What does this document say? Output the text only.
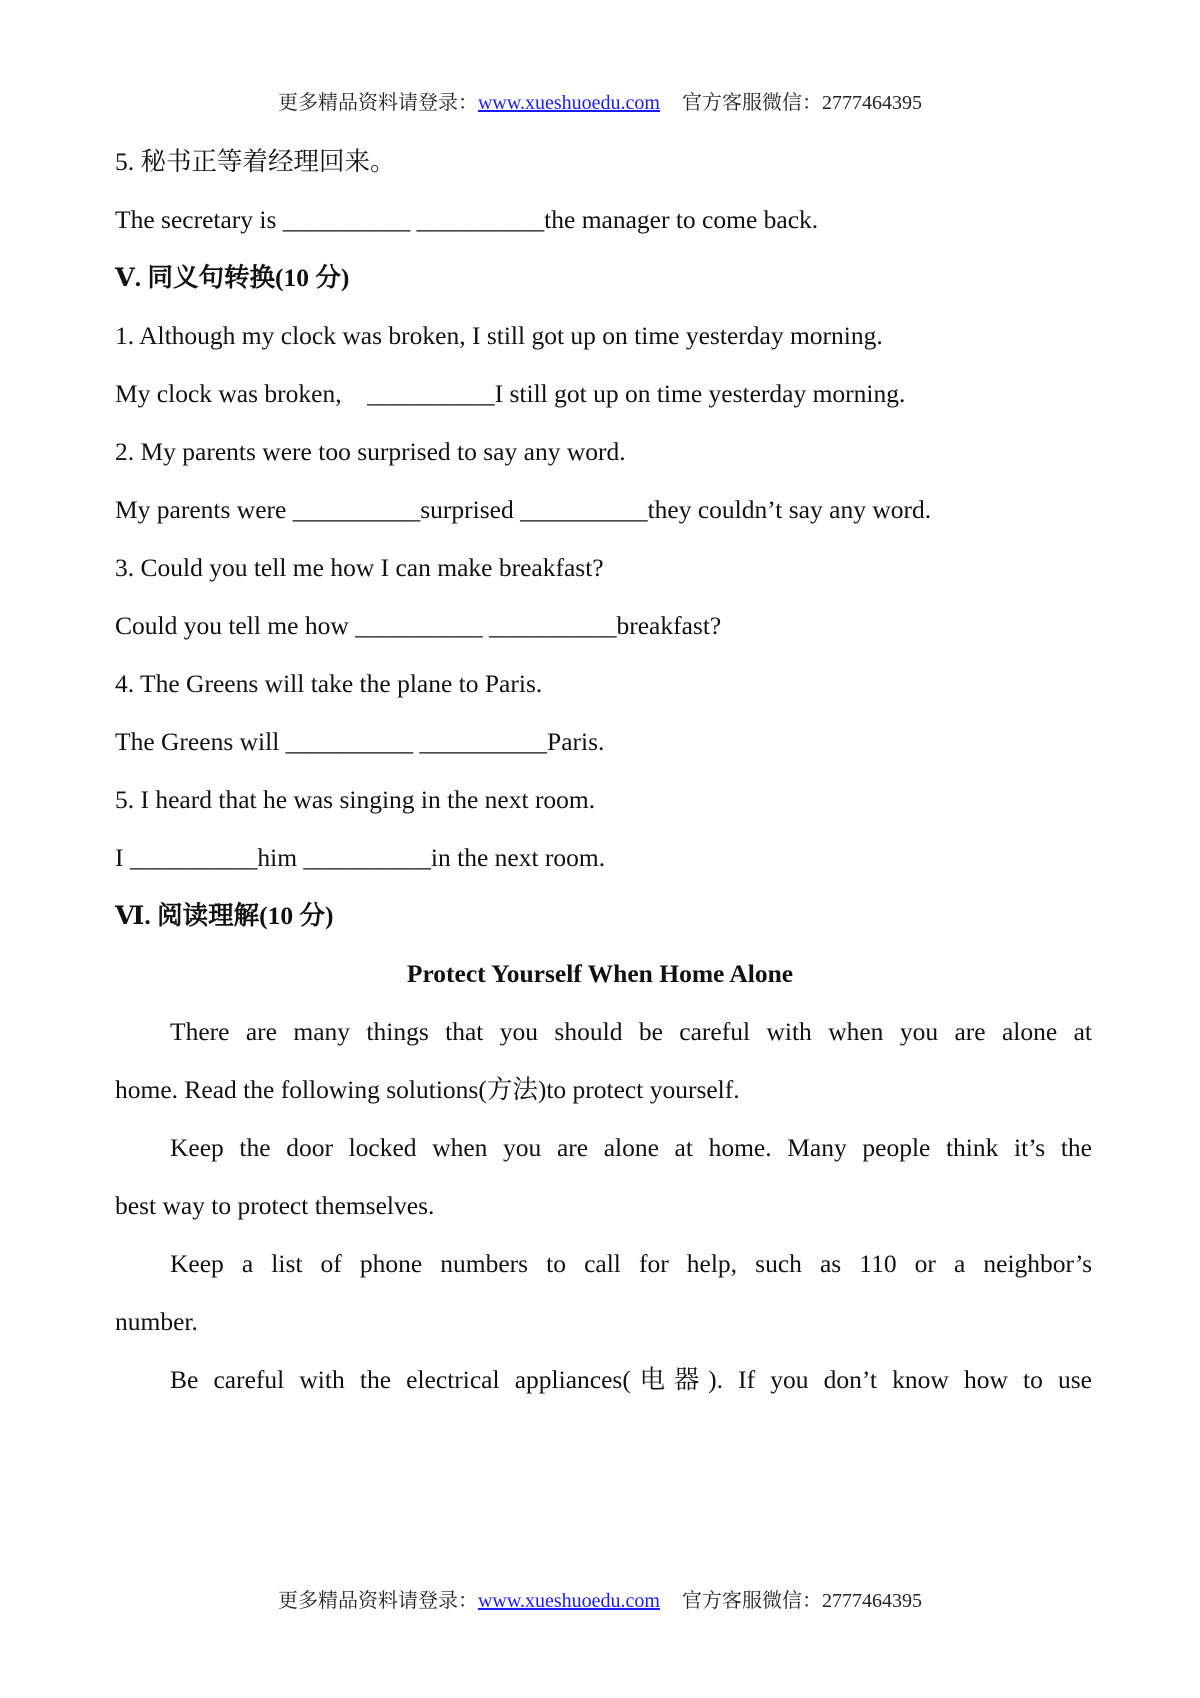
更多精品资料请登录：www.xueshuoedu.com 官方客服微信：2777464395
5. 秘书正等着经理回来。
The secretary is __________ __________the manager to come back.
Ⅴ. 同义句转换(10 分)
1. Although my clock was broken, I still got up on time yesterday morning.
My clock was broken,    __________I still got up on time yesterday morning.
2. My parents were too surprised to say any word.
My parents were __________surprised __________they couldn’t say any word.
3. Could you tell me how I can make breakfast?
Could you tell me how __________ __________breakfast?
4. The Greens will take the plane to Paris.
The Greens will __________ __________Paris.
5. I heard that he was singing in the next room.
I __________him __________in the next room.
Ⅵ. 阅读理解(10 分)
Protect Yourself When Home Alone
There are many things that you should be careful with when you are alone at
home. Read the following solutions(方法)to protect yourself.
Keep the door locked when you are alone at home. Many people think it’s the
best way to protect themselves.
Keep a list of phone numbers to call for help, such as 110 or a neighbor’s
number.
Be careful with the electrical appliances(电器). If you don’t know how to use
更多精品资料请登录：www.xueshuoedu.com 官方客服微信：2777464395
